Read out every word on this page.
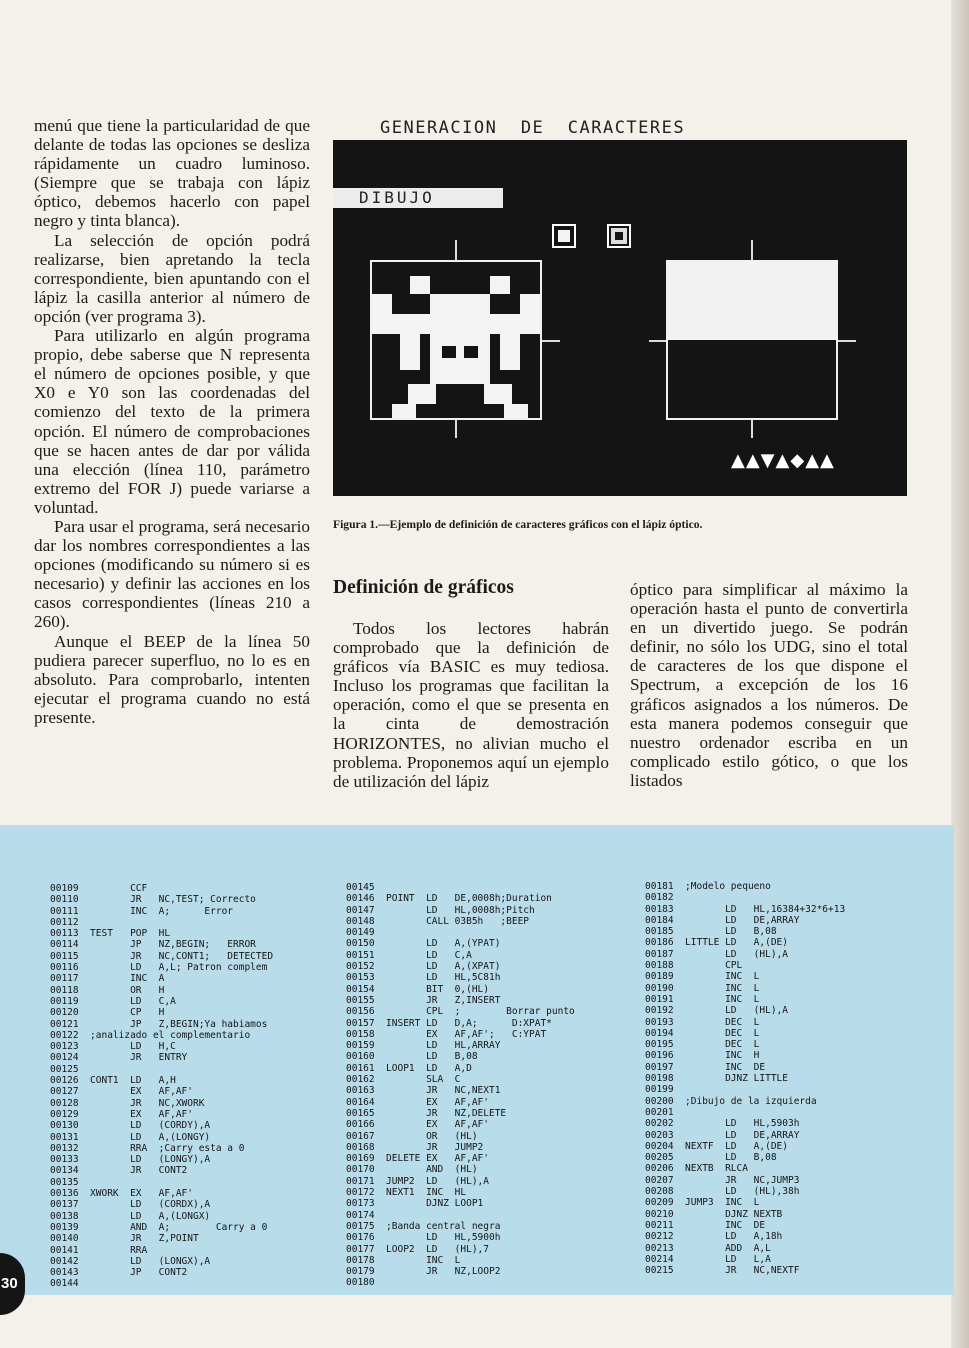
menú que tiene la particularidad de que delante de todas las opciones se desliza rápidamente un cuadro luminoso. (Siempre que se trabaja con lápiz óptico, debemos hacerlo con papel negro y tinta blanca).

La selección de opción podrá realizarse, bien apretando la tecla correspondiente, bien apuntando con el lápiz la casilla anterior al número de opción (ver programa 3).

Para utilizarlo en algún programa propio, debe saberse que N representa el número de opciones posible, y que X0 e Y0 son las coordenadas del comienzo del texto de la primera opción. El número de comprobaciones que se hacen antes de dar por válida una elección (línea 110, parámetro extremo del FOR J) puede variarse a voluntad.

Para usar el programa, será necesario dar los nombres correspondientes a las opciones (modificando su número si es necesario) y definir las acciones en los casos correspondientes (líneas 210 a 260).

Aunque el BEEP de la línea 50 pudiera parecer superfluo, no lo es en absoluto. Para comprobarlo, intenten ejecutar el programa cuando no está presente.

GENERACION  DE  CARACTERES
DIBUJO
▲▲▼▲◆▲▲
Figura 1.—Ejemplo de definición de caracteres gráficos con el lápiz óptico.
Definición de gráficos

Todos los lectores habrán comprobado que la definición de gráficos vía BASIC es muy tediosa. Incluso los programas que facilitan la operación, como el que se presenta en la cinta de demostración HORIZONTES, no alivian mucho el problema. Proponemos aquí un ejemplo de utilización del lápiz

óptico para simplificar al máximo la operación hasta el punto de convertirla en un divertido juego. Se podrán definir, no sólo los UDG, sino el total de caracteres de los que dispone el Spectrum, a excepción de los 16 gráficos asignados a los números. De esta manera podemos conseguir que nuestro ordenador escriba en un complicado estilo gótico, o que los listados

00109         CCF
00110         JR   NC,TEST; Correcto
00111         INC  A;      Error
00112
00113  TEST   POP  HL
00114         JP   NZ,BEGIN;   ERROR
00115         JR   NC,CONT1;   DETECTED
00116         LD   A,L; Patron complem
00117         INC  A
00118         OR   H
00119         LD   C,A
00120         CP   H
00121         JP   Z,BEGIN;Ya habiamos
00122  ;analizado el complementario
00123         LD   H,C
00124         JR   ENTRY
00125
00126  CONT1  LD   A,H
00127         EX   AF,AF'
00128         JR   NC,XWORK
00129         EX   AF,AF'
00130         LD   (CORDY),A
00131         LD   A,(LONGY)
00132         RRA  ;Carry esta a 0
00133         LD   (LONGY),A
00134         JR   CONT2
00135
00136  XWORK  EX   AF,AF'
00137         LD   (CORDX),A
00138         LD   A,(LONGX)
00139         AND  A;        Carry a 0
00140         JR   Z,POINT
00141         RRA
00142         LD   (LONGX),A
00143         JP   CONT2
00144
00145
00146  POINT  LD   DE,0008h;Duration
00147         LD   HL,0008h;Pitch
00148         CALL 03B5h   ;BEEP
00149
00150         LD   A,(YPAT)
00151         LD   C,A
00152         LD   A,(XPAT)
00153         LD   HL,5C81h
00154         BIT  0,(HL)
00155         JR   Z,INSERT
00156         CPL  ;        Borrar punto
00157  INSERT LD   D,A;      D:XPAT*
00158         EX   AF,AF';   C:YPAT
00159         LD   HL,ARRAY
00160         LD   B,08
00161  LOOP1  LD   A,D
00162         SLA  C
00163         JR   NC,NEXT1
00164         EX   AF,AF'
00165         JR   NZ,DELETE
00166         EX   AF,AF'
00167         OR   (HL)
00168         JR   JUMP2
00169  DELETE EX   AF,AF'
00170         AND  (HL)
00171  JUMP2  LD   (HL),A
00172  NEXT1  INC  HL
00173         DJNZ LOOP1
00174
00175  ;Banda central negra
00176         LD   HL,5900h
00177  LOOP2  LD   (HL),7
00178         INC  L
00179         JR   NZ,LOOP2
00180
00181  ;Modelo pequeno
00182
00183         LD   HL,16384+32*6+13
00184         LD   DE,ARRAY
00185         LD   B,08
00186  LITTLE LD   A,(DE)
00187         LD   (HL),A
00188         CPL
00189         INC  L
00190         INC  L
00191         INC  L
00192         LD   (HL),A
00193         DEC  L
00194         DEC  L
00195         DEC  L
00196         INC  H
00197         INC  DE
00198         DJNZ LITTLE
00199
00200  ;Dibujo de la izquierda
00201
00202         LD   HL,5903h
00203         LD   DE,ARRAY
00204  NEXTF  LD   A,(DE)
00205         LD   B,08
00206  NEXTB  RLCA
00207         JR   NC,JUMP3
00208         LD   (HL),38h
00209  JUMP3  INC  L
00210         DJNZ NEXTB
00211         INC  DE
00212         LD   A,18h
00213         ADD  A,L
00214         LD   L,A
00215         JR   NC,NEXTF
30
